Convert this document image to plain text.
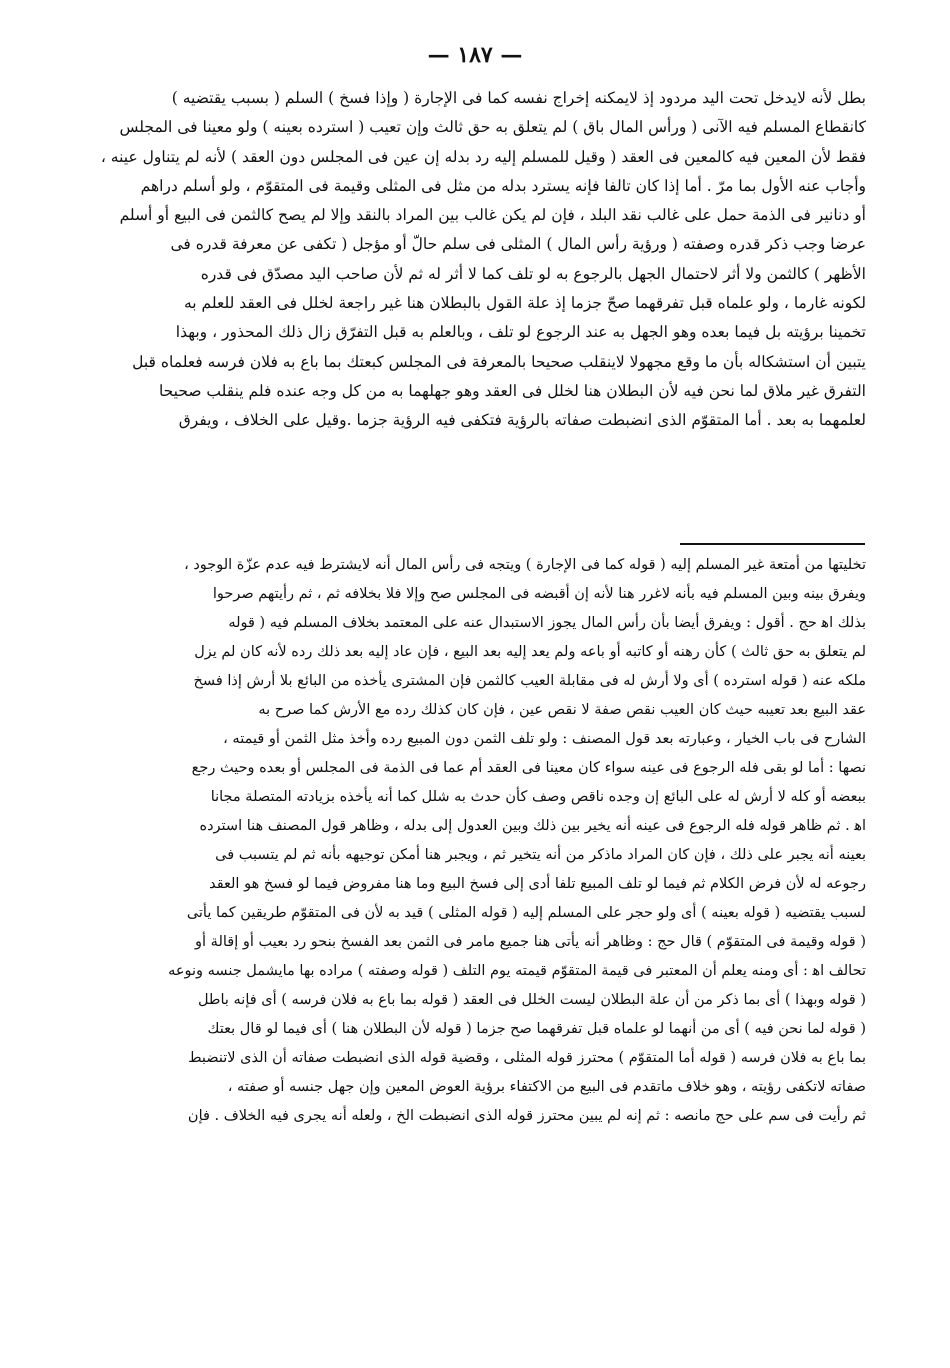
— ١٨٧ —
بطل لأنه لايدخل تحت اليد مردود إذ لايمكنه إخراج نفسه كما فى الإجارة ( وإذا فسخ ) السلم ( بسبب يقتضيه )
كانقطاع المسلم فيه الآنى ( ورأس المال باق ) لم يتعلق به حق ثالث وإن تعيب ( استرده بعينه ) ولو معينا فى المجلس
فقط لأن المعين فيه كالمعين فى العقد ( وقيل للمسلم إليه رد بدله إن عين فى المجلس دون العقد ) لأنه لم يتناول عينه ،
وأجاب عنه الأول بما مرّ . أما إذا كان تالفا فإنه يسترد بدله من مثل فى المثلى وقيمة فى المتقوّم ، ولو أسلم دراهم
أو دنانير فى الذمة حمل على غالب نقد البلد ، فإن لم يكن غالب بين المراد بالنقد وإلا لم يصح كالثمن فى البيع أو أسلم
عرضا وجب ذكر قدره وصفته ( ورؤية رأس المال ) المثلى فى سلم حالّ أو مؤجل ( تكفى عن معرفة قدره فى
الأظهر ) كالثمن ولا أثر لاحتمال الجهل بالرجوع به لو تلف كما لا أثر له ثم لأن صاحب اليد مصدّق فى قدره
لكونه غارما ، ولو علماه قبل تفرقهما صحّ جزما إذ علة القول بالبطلان هنا غير راجعة لخلل فى العقد للعلم به
تخمينا برؤيته بل فيما بعده وهو الجهل به عند الرجوع لو تلف ، وبالعلم به قبل التفرّق زال ذلك المحذور ، وبهذا
يتبين أن استشكاله بأن ما وقع مجهولا لاينقلب صحيحا بالمعرفة فى المجلس كبعتك بما باع به فلان فرسه فعلماه قبل
التفرق غير ملاق لما نحن فيه لأن البطلان هنا لخلل فى العقد وهو جهلهما به من كل وجه عنده فلم ينقلب صحيحا
لعلمهما به بعد . أما المتقوّم الذى انضبطت صفاته بالرؤية فتكفى فيه الرؤية جزما .وقيل على الخلاف ، ويفرق
تخليتها من أمتعة غير المسلم إليه ( قوله كما فى الإجارة ) ويتجه فى رأس المال أنه لايشترط فيه عدم عزّة الوجود ،
ويفرق بينه وبين المسلم فيه بأنه لاغرر هنا لأنه إن أقبضه فى المجلس صح وإلا فلا بخلافه ثم ، ثم رأيتهم صرحوا
بذلك اﻫ حج . أقول : ويفرق أيضا بأن رأس المال يجوز الاستبدال عنه على المعتمد بخلاف المسلم فيه ( قوله
لم يتعلق به حق ثالث ) كأن رهنه أو كاتبه أو باعه ولم يعد إليه بعد البيع ، فإن عاد إليه بعد ذلك رده لأنه كان لم يزل
ملكه عنه ( قوله استرده ) أى ولا أرش له فى مقابلة العيب كالثمن فإن المشترى يأخذه من البائع بلا أرش إذا فسخ
عقد البيع بعد تعيبه حيث كان العيب نقص صفة لا نقص عين ، فإن كان كذلك رده مع الأرش كما صرح به
الشارح فى باب الخيار ، وعبارته بعد قول المصنف : ولو تلف الثمن دون المبيع رده وأخذ مثل الثمن أو قيمته ،
نصها : أما لو بقى فله الرجوع فى عينه سواء كان معينا فى العقد أم عما فى الذمة فى المجلس أو بعده وحيث رجع
ببعضه أو كله لا أرش له على البائع إن وجده ناقص وصف كأن حدث به شلل كما أنه يأخذه بزيادته المتصلة مجانا
اﻫ . ثم ظاهر قوله فله الرجوع فى عينه أنه يخير بين ذلك وبين العدول إلى بدله ، وظاهر قول المصنف هنا استرده
بعينه أنه يجبر على ذلك ، فإن كان المراد ماذكر من أنه يتخير ثم ، ويجبر هنا أمكن توجيهه بأنه ثم لم يتسبب فى
رجوعه له لأن فرض الكلام ثم فيما لو تلف المبيع تلفا أدى إلى فسخ البيع وما هنا مفروض فيما لو فسخ هو العقد
لسبب يقتضيه ( قوله بعينه ) أى ولو حجر على المسلم إليه ( قوله المثلى ) قيد به لأن فى المتقوّم طريقين كما يأتى
( قوله وقيمة فى المتقوّم ) قال حج : وظاهر أنه يأتى هنا جميع مامر فى الثمن بعد الفسخ بنحو رد بعيب أو إقالة أو
تحالف اﻫ : أى ومنه يعلم أن المعتبر فى قيمة المتقوّم قيمته يوم التلف ( قوله وصفته ) مراده بها مايشمل جنسه ونوعه
( قوله وبهذا ) أى بما ذكر من أن علة البطلان ليست الخلل فى العقد ( قوله بما باع به فلان فرسه ) أى فإنه باطل
( قوله لما نحن فيه ) أى من أنهما لو علماه قبل تفرقهما صح جزما ( قوله لأن البطلان هنا ) أى فيما لو قال بعتك
بما باع به فلان فرسه ( قوله أما المتقوّم ) محترز قوله المثلى ، وقضية قوله الذى انضبطت صفاته أن الذى لاتنضبط
صفاته لاتكفى رؤيته ، وهو خلاف ماتقدم فى البيع من الاكتفاء برؤية العوض المعين وإن جهل جنسه أو صفته ،
ثم رأيت فى سم على حج مانصه : ثم إنه لم يبين محترز قوله الذى انضبطت الخ ، ولعله أنه يجرى فيه الخلاف . فإن
